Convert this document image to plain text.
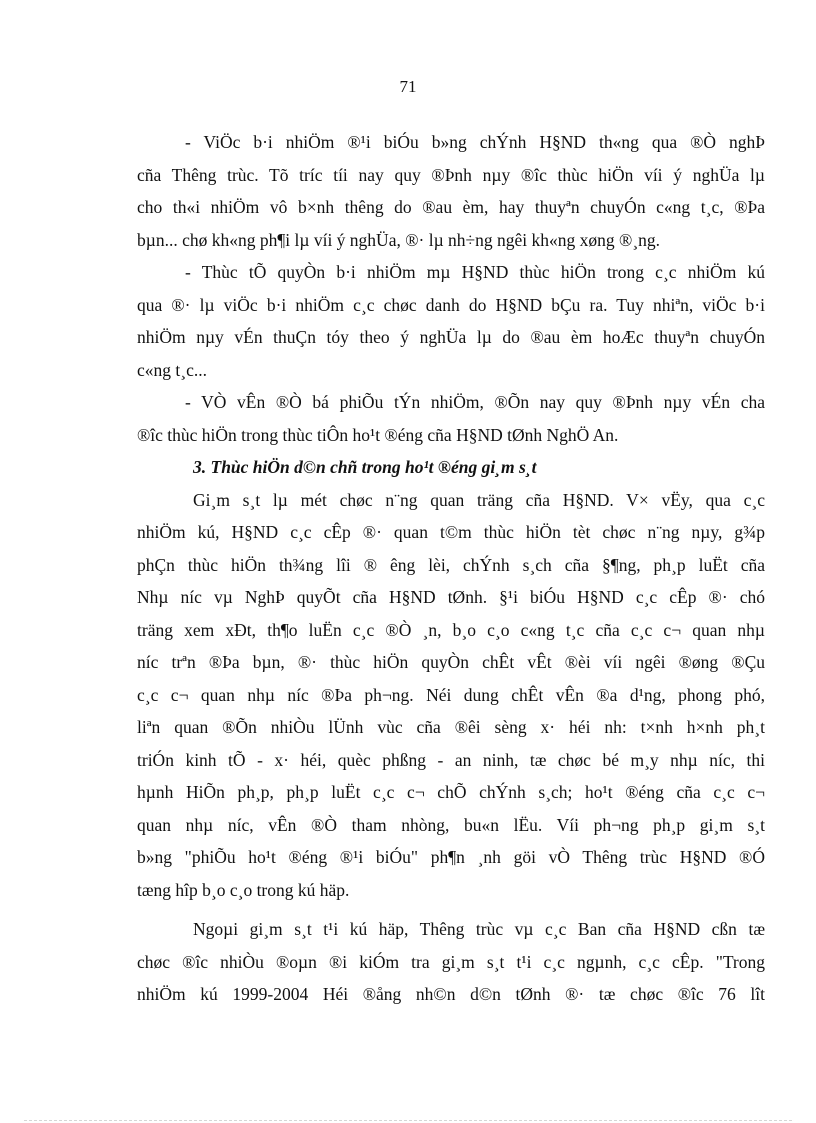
71

- ViÖc b·i nhiÖm ®¹i biÓu b»ng chÝnh H§ND th«ng qua ®Ò nghÞ
cña Thêng trùc. Tõ tríc tíi nay quy ®Þnh nµy ®îc thùc hiÖn víi ý nghÜa lµ
cho th«i nhiÖm vô b×nh thêng do ®au èm, hay thuyªn chuyÓn c«ng t¸c, ®Þa
bµn... chø kh«ng ph¶i lµ víi ý nghÜa, ®· lµ nh÷ng ngêi kh«ng xøng ®¸ng.

- Thùc tÕ quyÒn b·i nhiÖm mµ H§ND thùc hiÖn trong c¸c nhiÖm kú
qua ®· lµ viÖc b·i nhiÖm c¸c chøc danh do H§ND bÇu ra. Tuy nhiªn, viÖc b·i
nhiÖm nµy vÉn thuÇn tóy theo ý nghÜa lµ do ®au èm hoÆc thuyªn chuyÓn
c«ng t¸c...

- VÒ vÊn ®Ò bá phiÕu tÝn nhiÖm, ®Õn nay quy ®Þnh nµy vÉn cha
®îc thùc hiÖn trong thùc tiÔn ho¹t ®éng cña H§ND tØnh NghÖ An.

3. Thùc hiÖn d©n chñ trong ho¹t ®éng gi¸m s¸t

Gi¸m s¸t lµ mét chøc n¨ng quan träng cña H§ND. V× vËy, qua c¸c
nhiÖm kú, H§ND c¸c cÊp ®· quan t©m thùc hiÖn tèt chøc n¨ng nµy, g¾p
phÇn thùc hiÖn th¾ng lîi ® êng lèi, chÝnh s¸ch cña §¶ng, ph¸p luËt cña
Nhµ níc vµ NghÞ quyÕt cña H§ND tØnh. §¹i biÓu H§ND c¸c cÊp ®· chó
träng xem xÐt, th¶o luËn c¸c ®Ò ¸n, b¸o c¸o c«ng t¸c cña c¸c c¬ quan nhµ
níc trªn ®Þa bµn, ®· thùc hiÖn quyÒn chÊt vÊt ®èi víi ngêi ®øng ®Çu
c¸c c¬ quan nhµ níc ®Þa ph¬ng. Néi dung chÊt vÊn ®a d¹ng, phong phó,
liªn quan ®Õn nhiÒu lÜnh vùc cña ®êi sèng x· héi nh: t×nh h×nh ph¸t
triÓn kinh tÕ - x· héi, quèc phßng - an ninh, tæ chøc bé m¸y nhµ níc, thi
hµnh HiÕn ph¸p, ph¸p luËt c¸c c¬ chÕ chÝnh s¸ch; ho¹t ®éng cña c¸c c¬
quan nhµ níc, vÊn ®Ò tham nhòng, bu«n lËu. Víi ph¬ng ph¸p gi¸m s¸t
b»ng "phiÕu ho¹t ®éng ®¹i biÓu" ph¶n ¸nh göi vÒ Thêng trùc H§ND ®Ó
tæng hîp b¸o c¸o trong kú häp.

Ngoµi gi¸m s¸t t¹i kú häp, Thêng trùc vµ c¸c Ban cña H§ND cßn tæ
chøc ®îc nhiÒu ®oµn ®i kiÓm tra gi¸m s¸t t¹i c¸c ngµnh, c¸c cÊp. "Trong
nhiÖm kú 1999-2004 Héi ®ång nh©n d©n tØnh ®· tæ chøc ®îc 76 lît
